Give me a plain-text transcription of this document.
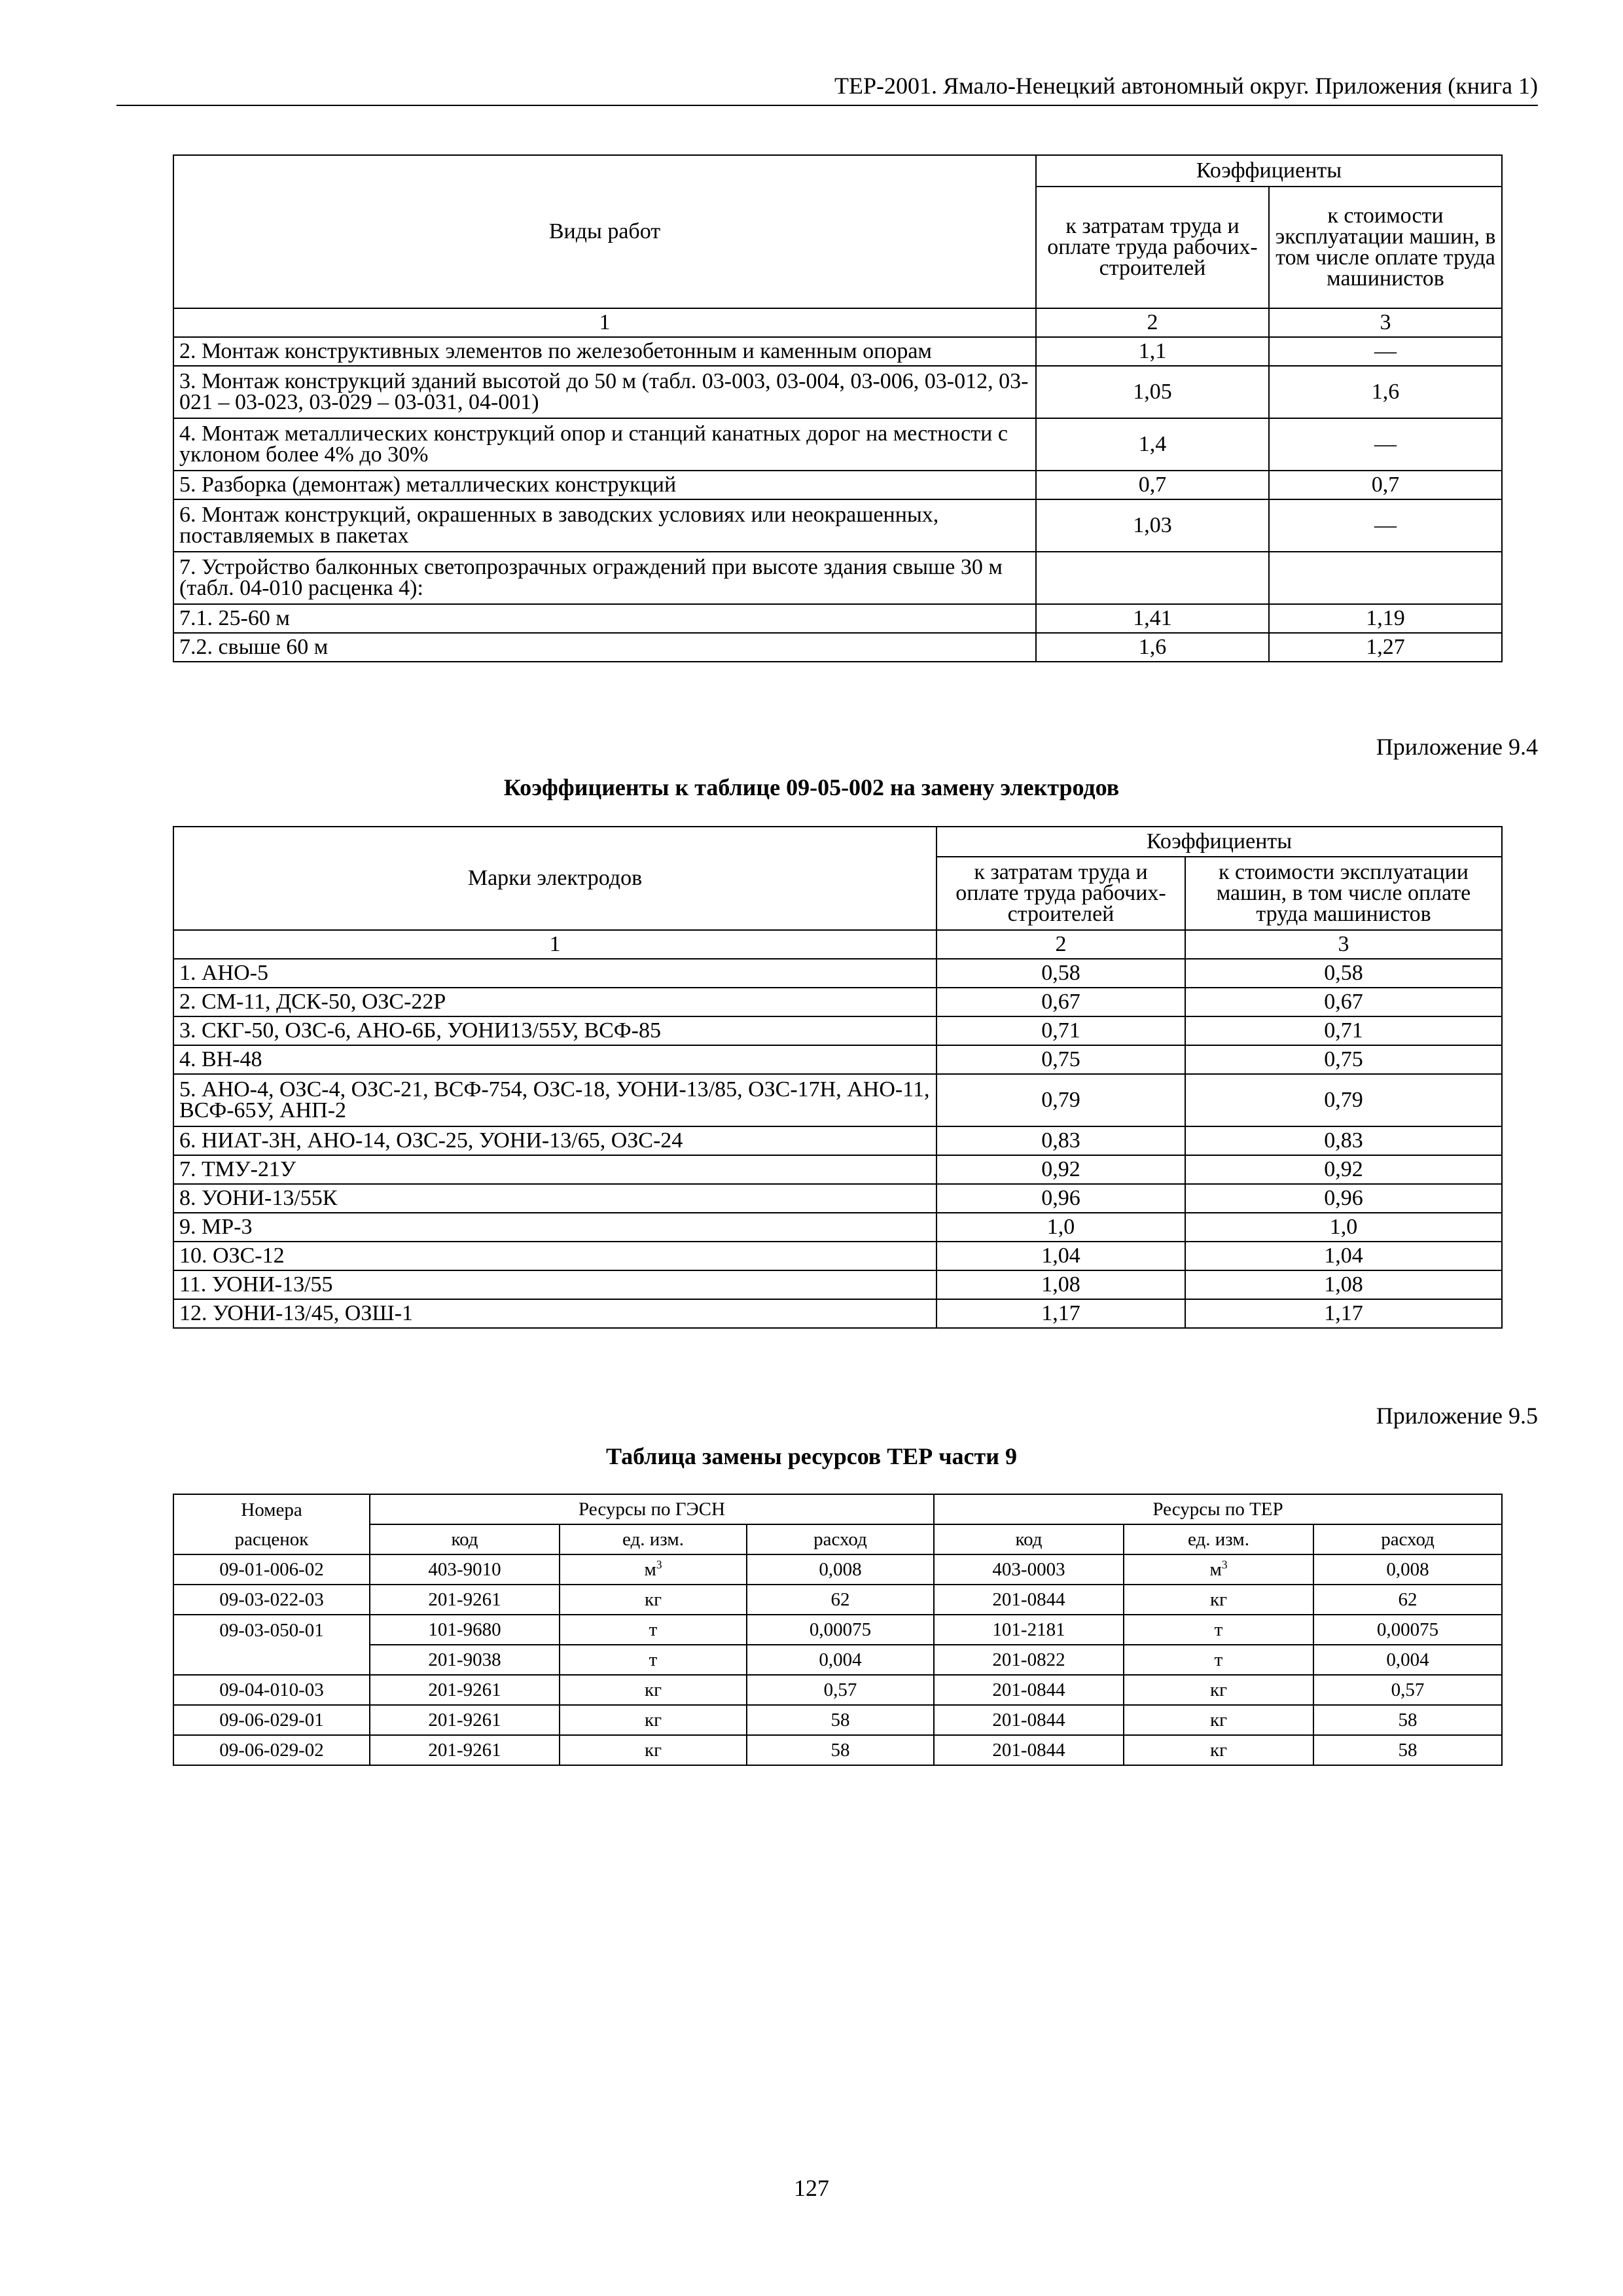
ТЕР-2001. Ямало-Ненецкий автономный округ. Приложения (книга 1)
Виды работ	Коэффициенты	
	к затратам труда и оплате труда рабочих-строителей	к стоимости эксплуатации машин, в том числе оплате труда машинистов
1	2	3
2. Монтаж конструктивных элементов по железобетонным и каменным опорам	1,1	—
3. Монтаж конструкций зданий высотой до 50 м (табл. 03-003, 03-004, 03-006, 03-012, 03-021 – 03-023, 03-029 – 03-031, 04-001)	1,05	1,6
4. Монтаж металлических конструкций опор и станций канатных дорог на местности с уклоном более 4% до 30%	1,4	—
5. Разборка (демонтаж) металлических конструкций	0,7	0,7
6. Монтаж конструкций, окрашенных в заводских условиях или неокрашенных, поставляемых в пакетах	1,03	—
7. Устройство балконных светопрозрачных ограждений при высоте здания свыше 30 м (табл. 04-010 расценка 4):		
7.1. 25-60 м	1,41	1,19
7.2. свыше 60 м	1,6	1,27
Приложение 9.4
Коэффициенты к таблице 09-05-002 на замену электродов
Марки электродов	Коэффициенты	
	к затратам труда и оплате труда рабочих-строителей	к стоимости эксплуатации машин, в том числе оплате труда машинистов
1	2	3
1. АНО-5	0,58	0,58
2. СМ-11, ДСК-50, ОЗС-22Р	0,67	0,67
3. СКГ-50, ОЗС-6, АНО-6Б, УОНИ13/55У, ВСФ-85	0,71	0,71
4. ВН-48	0,75	0,75
5. АНО-4, ОЗС-4, ОЗС-21, ВСФ-754, ОЗС-18, УОНИ-13/85, ОЗС-17Н, АНО-11, ВСФ-65У, АНП-2	0,79	0,79
6. НИАТ-3Н, АНО-14, ОЗС-25, УОНИ-13/65, ОЗС-24	0,83	0,83
7. ТМУ-21У	0,92	0,92
8. УОНИ-13/55К	0,96	0,96
9. МР-3	1,0	1,0
10. ОЗС-12	1,04	1,04
11. УОНИ-13/55	1,08	1,08
12. УОНИ-13/45, ОЗШ-1	1,17	1,17
Приложение 9.5
Таблица замены ресурсов ТЕР части 9
Номера	Ресурсы по ГЭСН			Ресурсы по ТЕР		
расценок	код	ед. изм.	расход	код	ед. изм.	расход
09-01-006-02	403-9010	$м^3$	0,008	403-0003	$м^3$	0,008
09-03-022-03	201-9261	кг	62	201-0844	кг	62
09-03-050-01	101-9680	т	0,00075	101-2181	т	0,00075
	201-9038	т	0,004	201-0822	т	0,004
09-04-010-03	201-9261	кг	0,57	201-0844	кг	0,57
09-06-029-01	201-9261	кг	58	201-0844	кг	58
09-06-029-02	201-9261	кг	58	201-0844	кг	58
127
